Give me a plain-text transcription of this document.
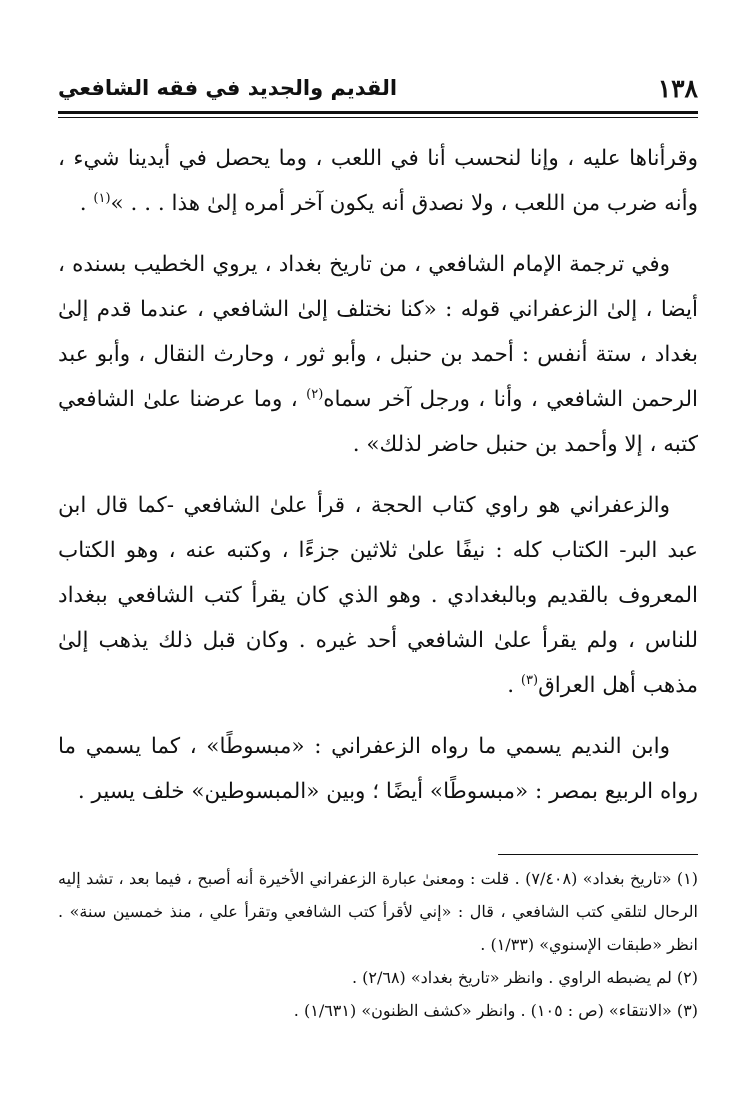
١٣٨
القديم والجديد في فقه الشافعي

وقرأناها عليه ، وإنا لنحسب أنا في اللعب ، وما يحصل في أيدينا شيء ، وأنه ضرب من اللعب ، ولا نصدق أنه يكون آخر أمره إلىٰ هذا . . . »$^{(١)}$ .

وفي ترجمة الإمام الشافعي ، من تاريخ بغداد ، يروي الخطيب بسنده ، أيضا ، إلىٰ الزعفراني قوله : «كنا نختلف إلىٰ الشافعي ، عندما قدم إلىٰ بغداد ، ستة أنفس : أحمد بن حنبل ، وأبو ثور ، وحارث النقال ، وأبو عبد الرحمن الشافعي ، وأنا ، ورجل آخر سماه$^{(٢)}$ ، وما عرضنا علىٰ الشافعي كتبه ، إلا وأحمد بن حنبل حاضر لذلك» .

والزعفراني هو راوي كتاب الحجة ، قرأ علىٰ الشافعي -كما قال ابن عبد البر- الكتاب كله : نيفًا علىٰ ثلاثين جزءًا ، وكتبه عنه ، وهو الكتاب المعروف بالقديم وبالبغدادي . وهو الذي كان يقرأ كتب الشافعي ببغداد للناس ، ولم يقرأ علىٰ الشافعي أحد غيره . وكان قبل ذلك يذهب إلىٰ مذهب أهل العراق$^{(٣)}$ .

وابن النديم يسمي ما رواه الزعفراني : «مبسوطًا» ، كما يسمي ما رواه الربيع بمصر : «مبسوطًا» أيضًا ؛ وبين «المبسوطين» خلف يسير .

(١) «تاريخ بغداد» (٧/٤٠٨) . قلت : ومعنىٰ عبارة الزعفراني الأخيرة أنه أصبح ، فيما بعد ، تشد إليه الرحال لتلقي كتب الشافعي ، قال : «إني لأقرأ كتب الشافعي وتقرأ علي ، منذ خمسين سنة» . انظر «طبقات الإسنوي» (١/٣٣) .

(٢) لم يضبطه الراوي . وانظر «تاريخ بغداد» (٢/٦٨) .

(٣) «الانتقاء» (ص : ١٠٥) . وانظر «كشف الظنون» (١/٦٣١) .
